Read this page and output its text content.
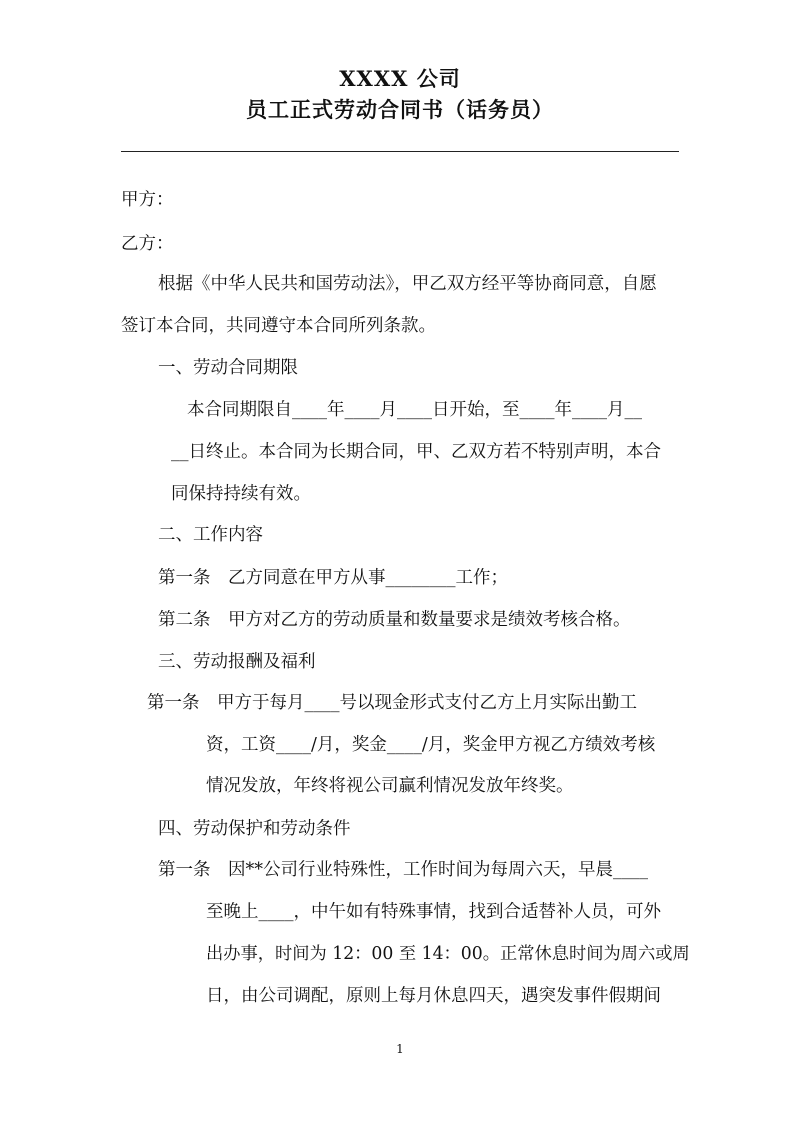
XXXX 公司
员工正式劳动合同书（话务员）
甲方：
乙方：
根据《中华人民共和国劳动法》，甲乙双方经平等协商同意，自愿
签订本合同，共同遵守本合同所列条款。
一、劳动合同期限
本合同期限自____年____月____日开始，至____年____月__
__日终止。本合同为长期合同，甲、乙双方若不特别声明，本合
同保持持续有效。
二、工作内容
第一条　乙方同意在甲方从事________工作；
第二条　甲方对乙方的劳动质量和数量要求是绩效考核合格。
三、劳动报酬及福利
第一条　甲方于每月____号以现金形式支付乙方上月实际出勤工
资，工资____/月，奖金____/月，奖金甲方视乙方绩效考核
情况发放，年终将视公司赢利情况发放年终奖。
四、劳动保护和劳动条件
第一条　因**公司行业特殊性，工作时间为每周六天，早晨____
至晚上____，中午如有特殊事情，找到合适替补人员，可外
出办事，时间为 12：00 至 14：00。正常休息时间为周六或周
日，由公司调配，原则上每月休息四天，遇突发事件假期间
1
